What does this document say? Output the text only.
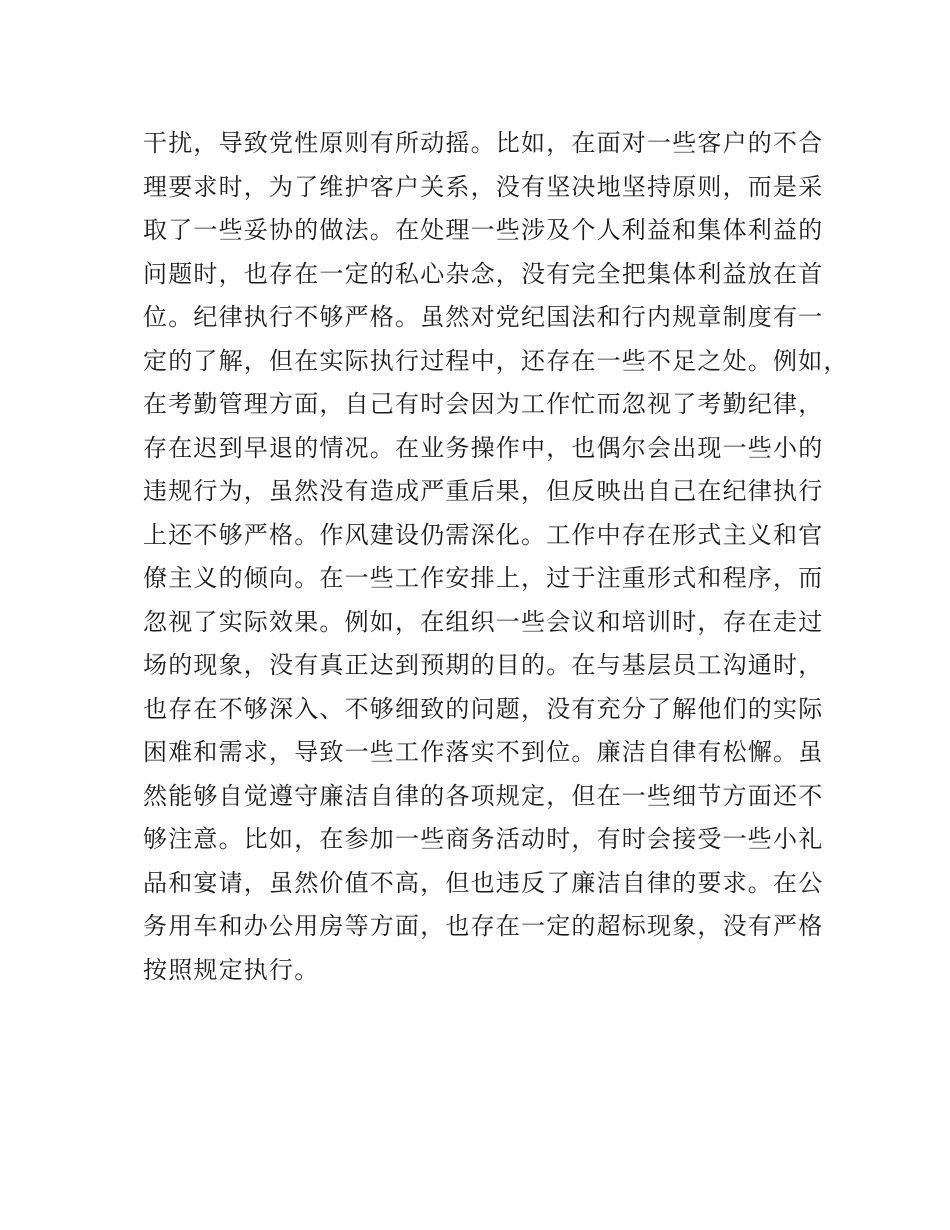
干扰，导致党性原则有所动摇。比如，在面对一些客户的不合
理要求时，为了维护客户关系，没有坚决地坚持原则，而是采
取了一些妥协的做法。在处理一些涉及个人利益和集体利益的
问题时，也存在一定的私心杂念，没有完全把集体利益放在首
位。纪律执行不够严格。虽然对党纪国法和行内规章制度有一
定的了解，但在实际执行过程中，还存在一些不足之处。例如，
在考勤管理方面，自己有时会因为工作忙而忽视了考勤纪律，
存在迟到早退的情况。在业务操作中，也偶尔会出现一些小的
违规行为，虽然没有造成严重后果，但反映出自己在纪律执行
上还不够严格。作风建设仍需深化。工作中存在形式主义和官
僚主义的倾向。在一些工作安排上，过于注重形式和程序，而
忽视了实际效果。例如，在组织一些会议和培训时，存在走过
场的现象，没有真正达到预期的目的。在与基层员工沟通时，
也存在不够深入、不够细致的问题，没有充分了解他们的实际
困难和需求，导致一些工作落实不到位。廉洁自律有松懈。虽
然能够自觉遵守廉洁自律的各项规定，但在一些细节方面还不
够注意。比如，在参加一些商务活动时，有时会接受一些小礼
品和宴请，虽然价值不高，但也违反了廉洁自律的要求。在公
务用车和办公用房等方面，也存在一定的超标现象，没有严格
按照规定执行。
